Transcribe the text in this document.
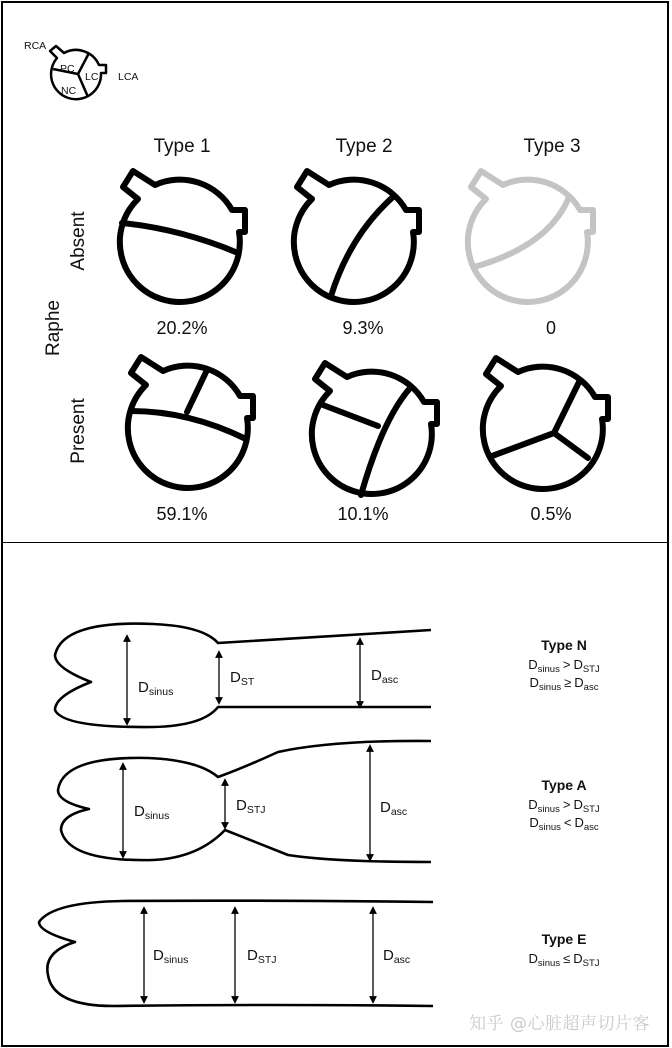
RCA
PC
LC
NC
LCA
Type 1	Type 2	Type 3
Raphe
Absent
Present
20.2%	9.3%	0
59.1%	10.1%	0.5%
$D_{sinus}$
$D_{ST}$	$D_{asc}$
Type N
$D_{sinus} > D_{STJ}$
$D_{sinus} \ge D_{asc}$
$D_{sinus}$
$D_{STJ}$	$D_{asc}$
Type A
$D_{sinus} > D_{STJ}$
$D_{sinus} < D_{asc}$
$D_{sinus}$	$D_{STJ}$	$D_{asc}$
Type E
$D_{sinus} \le D_{STJ}$
知乎 @心脏超声切片客
